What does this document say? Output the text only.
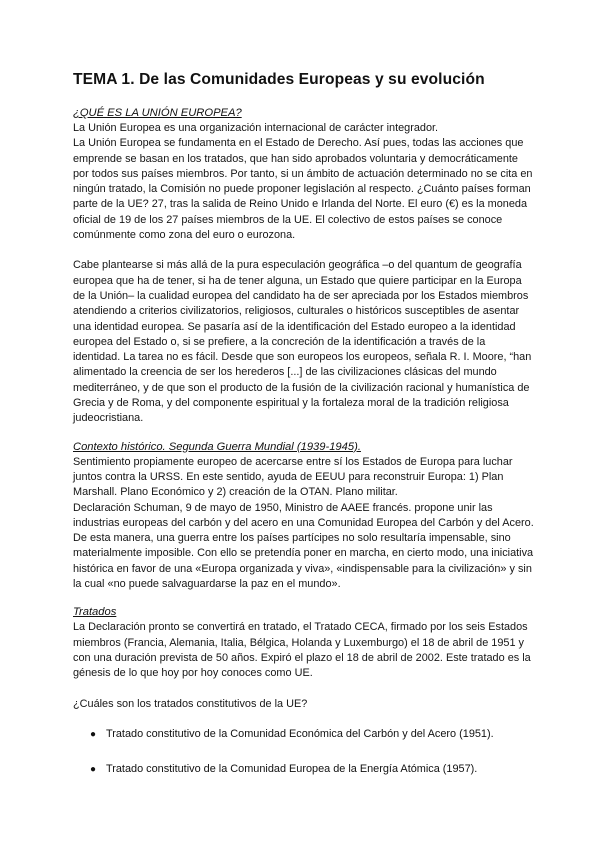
TEMA 1. De las Comunidades Europeas y su evolución
¿QUÉ ES LA UNIÓN EUROPEA?

La Unión Europea es una organización internacional de carácter integrador.

La Unión Europea se fundamenta en el Estado de Derecho. Así pues, todas las acciones que emprende se basan en los tratados, que han sido aprobados voluntaria y democráticamente por todos sus países miembros. Por tanto, si un ámbito de actuación determinado no se cita en ningún tratado, la Comisión no puede proponer legislación al respecto. ¿Cuánto países forman parte de la UE? 27, tras la salida de Reino Unido e Irlanda del Norte. El euro (€) es la moneda oficial de 19 de los 27 países miembros de la UE. El colectivo de estos países se conoce comúnmente como zona del euro o eurozona.

Cabe plantearse si más allá de la pura especulación geográfica –o del quantum de geografía europea que ha de tener, si ha de tener alguna, un Estado que quiere participar en la Europa de la Unión– la cualidad europea del candidato ha de ser apreciada por los Estados miembros atendiendo a criterios civilizatorios, religiosos, culturales o históricos susceptibles de asentar una identidad europea. Se pasaría así de la identificación del Estado europeo a la identidad europea del Estado o, si se prefiere, a la concreción de la identificación a través de la identidad. La tarea no es fácil. Desde que son europeos los europeos, señala R. I. Moore, “han alimentado la creencia de ser los herederos [...] de las civilizaciones clásicas del mundo mediterráneo, y de que son el producto de la fusión de la civilización racional y humanística de Grecia y de Roma, y del componente espiritual y la fortaleza moral de la tradición religiosa judeocristiana.

Contexto histórico. Segunda Guerra Mundial (1939-1945).

Sentimiento propiamente europeo de acercarse entre sí los Estados de Europa para luchar juntos contra la URSS. En este sentido, ayuda de EEUU para reconstruir Europa: 1) Plan Marshall. Plano Económico y 2) creación de la OTAN. Plano militar.

Declaración Schuman, 9 de mayo de 1950, Ministro de AAEE francés. propone unir las industrias europeas del carbón y del acero en una Comunidad Europea del Carbón y del Acero. De esta manera, una guerra entre los países partícipes no solo resultaría impensable, sino materialmente imposible. Con ello se pretendía poner en marcha, en cierto modo, una iniciativa histórica en favor de una «Europa organizada y viva», «indispensable para la civilización» y sin la cual «no puede salvaguardarse la paz en el mundo».

Tratados

La Declaración pronto se convertirá en tratado, el Tratado CECA, firmado por los seis Estados miembros (Francia, Alemania, Italia, Bélgica, Holanda y Luxemburgo) el 18 de abril de 1951 y con una duración prevista de 50 años. Expiró el plazo el 18 de abril de 2002. Este tratado es la génesis de lo que hoy por hoy conoces como UE.

¿Cuáles son los tratados constitutivos de la UE?

● Tratado constitutivo de la Comunidad Económica del Carbón y del Acero (1951).
● Tratado constitutivo de la Comunidad Europea de la Energía Atómica (1957).
